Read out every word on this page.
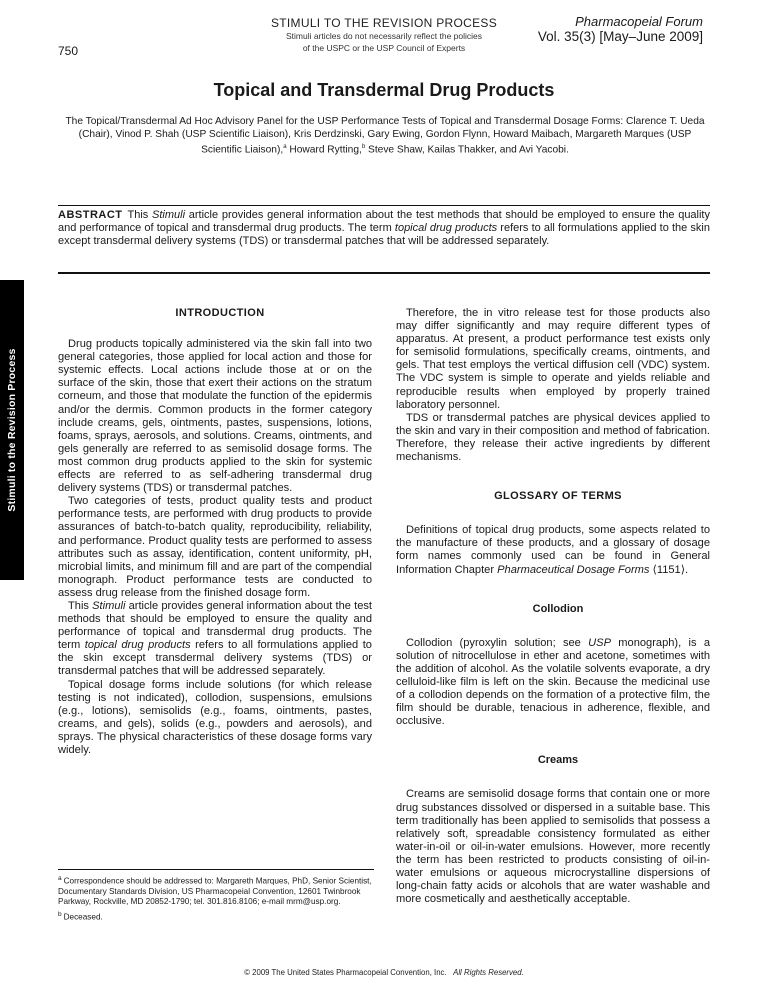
STIMULI TO THE REVISION PROCESS
Stimuli articles do not necessarily reflect the policies
of the USPC or the USP Council of Experts
750
Pharmacopeial Forum
Vol. 35(3) [May–June 2009]
Topical and Transdermal Drug Products
The Topical/Transdermal Ad Hoc Advisory Panel for the USP Performance Tests of Topical and Transdermal Dosage Forms: Clarence T. Ueda (Chair), Vinod P. Shah (USP Scientific Liaison), Kris Derdzinski, Gary Ewing, Gordon Flynn, Howard Maibach, Margareth Marques (USP Scientific Liaison),$^a$ Howard Rytting,$^b$ Steve Shaw, Kailas Thakker, and Avi Yacobi.
ABSTRACT This Stimuli article provides general information about the test methods that should be employed to ensure the quality and performance of topical and transdermal drug products. The term topical drug products refers to all formulations applied to the skin except transdermal delivery systems (TDS) or transdermal patches that will be addressed separately.
Stimuli to the Revision Process

INTRODUCTION

Drug products topically administered via the skin fall into two general categories, those applied for local action and those for systemic effects. Local actions include those at or on the surface of the skin, those that exert their actions on the stratum corneum, and those that modulate the function of the epidermis and/or the dermis. Common products in the former category include creams, gels, ointments, pastes, suspensions, lotions, foams, sprays, aerosols, and solutions. Creams, ointments, and gels generally are referred to as semisolid dosage forms. The most common drug products applied to the skin for systemic effects are referred to as self-adhering transdermal drug delivery systems (TDS) or transdermal patches.

Two categories of tests, product quality tests and product performance tests, are performed with drug products to provide assurances of batch-to-batch quality, reproducibility, reliability, and performance. Product quality tests are performed to assess attributes such as assay, identification, content uniformity, pH, microbial limits, and minimum fill and are part of the compendial monograph. Product performance tests are conducted to assess drug release from the finished dosage form.

This Stimuli article provides general information about the test methods that should be employed to ensure the quality and performance of topical and transdermal drug products. The term topical drug products refers to all formulations applied to the skin except transdermal delivery systems (TDS) or transdermal patches that will be addressed separately.

Topical dosage forms include solutions (for which release testing is not indicated), collodion, suspensions, emulsions (e.g., lotions), semisolids (e.g., foams, ointments, pastes, creams, and gels), solids (e.g., powders and aerosols), and sprays. The physical characteristics of these dosage forms vary widely.

Therefore, the in vitro release test for those products also may differ significantly and may require different types of apparatus. At present, a product performance test exists only for semisolid formulations, specifically creams, ointments, and gels. That test employs the vertical diffusion cell (VDC) system. The VDC system is simple to operate and yields reliable and reproducible results when employed by properly trained laboratory personnel.

TDS or transdermal patches are physical devices applied to the skin and vary in their composition and method of fabrication. Therefore, they release their active ingredients by different mechanisms.

GLOSSARY OF TERMS

Definitions of topical drug products, some aspects related to the manufacture of these products, and a glossary of dosage form names commonly used can be found in General Information Chapter Pharmaceutical Dosage Forms ⟨1151⟩.

Collodion

Collodion (pyroxylin solution; see USP monograph), is a solution of nitrocellulose in ether and acetone, sometimes with the addition of alcohol. As the volatile solvents evaporate, a dry celluloid-like film is left on the skin. Because the medicinal use of a collodion depends on the formation of a protective film, the film should be durable, tenacious in adherence, flexible, and occlusive.

Creams

Creams are semisolid dosage forms that contain one or more drug substances dissolved or dispersed in a suitable base. This term traditionally has been applied to semisolids that possess a relatively soft, spreadable consistency formulated as either water-in-oil or oil-in-water emulsions. However, more recently the term has been restricted to products consisting of oil-in-water emulsions or aqueous microcrystalline dispersions of long-chain fatty acids or alcohols that are water washable and more cosmetically and aesthetically acceptable.

$^a$ Correspondence should be addressed to: Margareth Marques, PhD, Senior Scientist, Documentary Standards Division, US Pharmacopeial Convention, 12601 Twinbrook Parkway, Rockville, MD 20852-1790; tel. 301.816.8106; e-mail mrm@usp.org.

$^b$ Deceased.

© 2009 The United States Pharmacopeial Convention, Inc. All Rights Reserved.
